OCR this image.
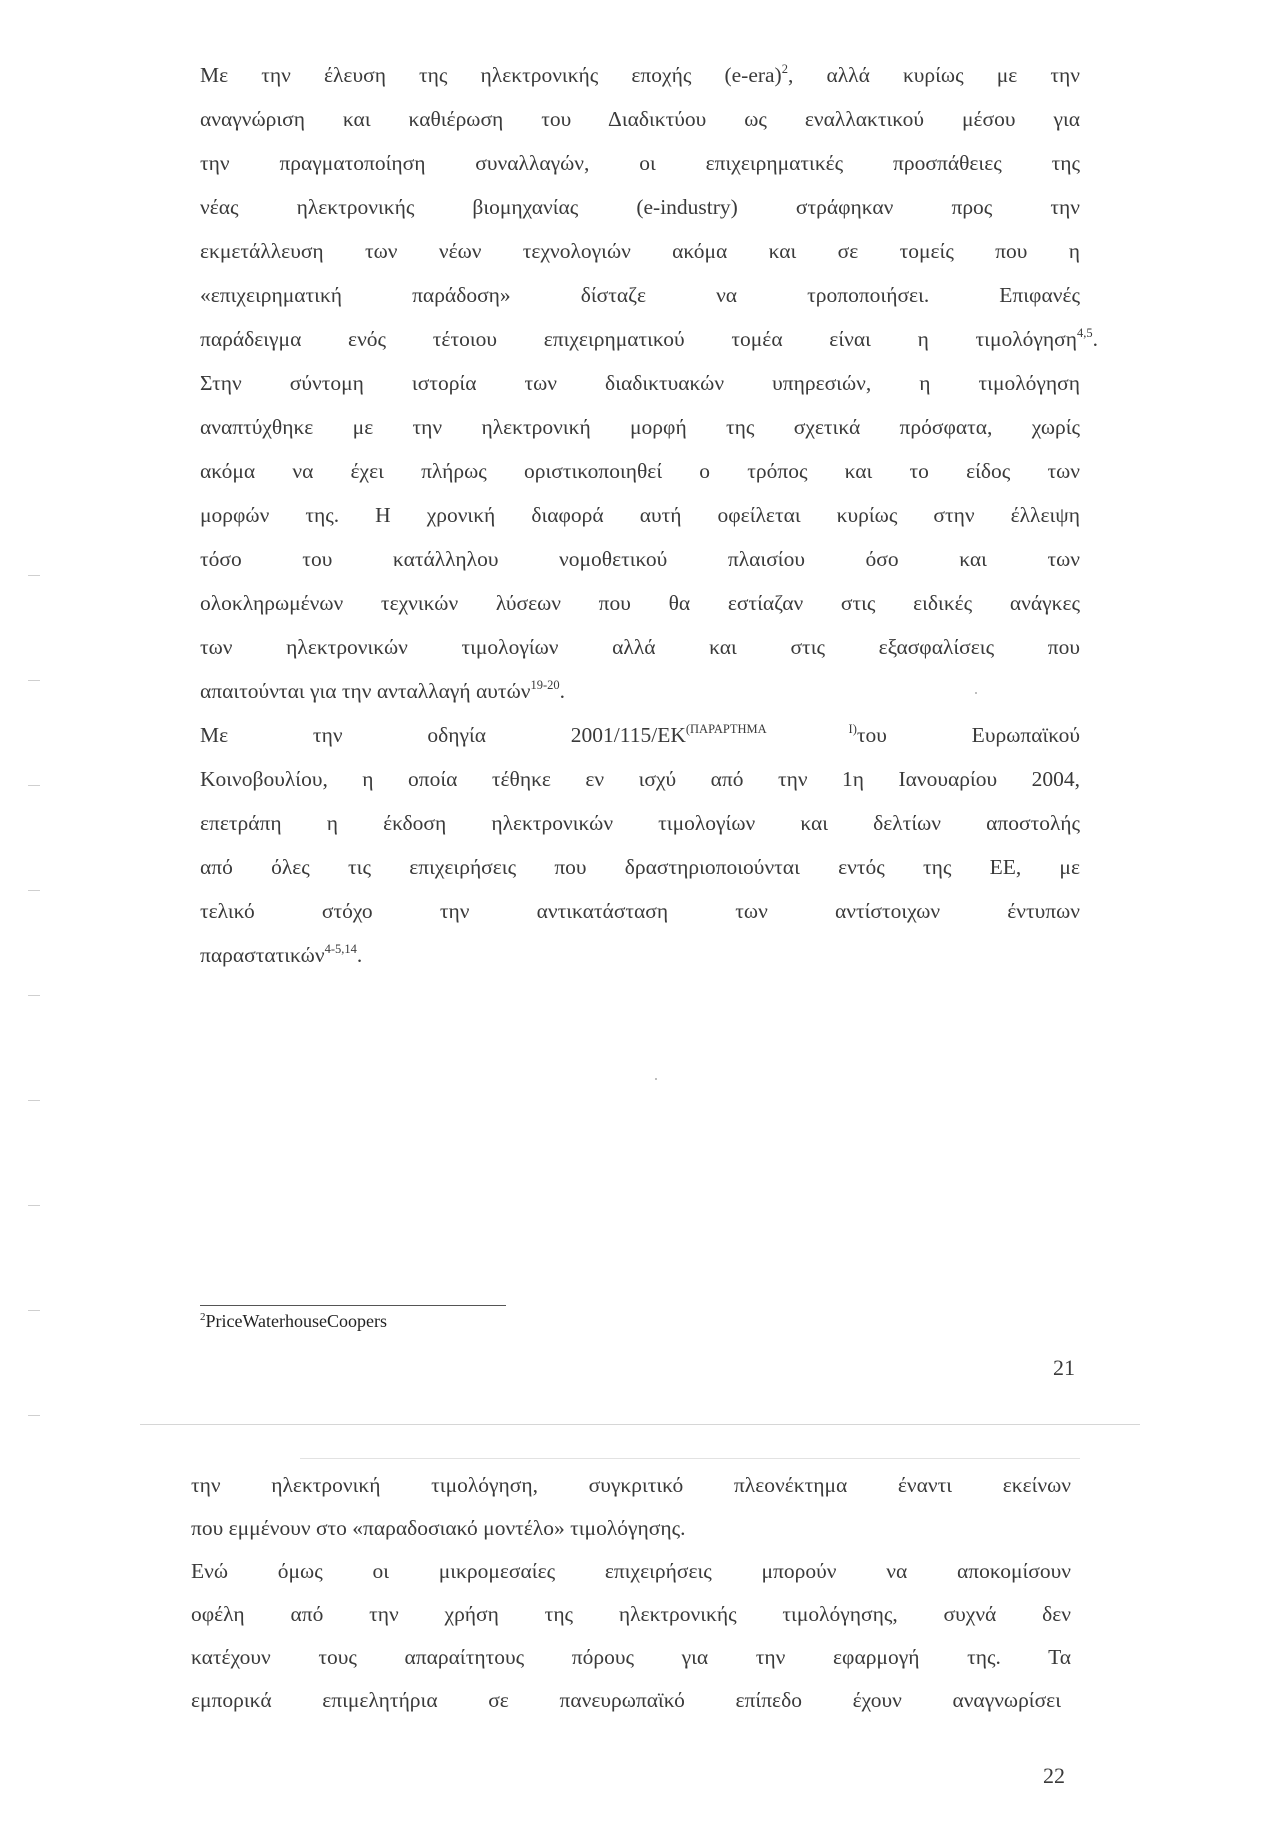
Με την έλευση της ηλεκτρονικής εποχής $(e-era)^2$, αλλά κυρίως με την
αναγνώριση και καθιέρωση του Διαδικτύου ως εναλλακτικού μέσου για
την πραγματοποίηση συναλλαγών, οι επιχειρηματικές προσπάθειες της
νέας ηλεκτρονικής βιομηχανίας (e-industry) στράφηκαν προς την
εκμετάλλευση των νέων τεχνολογιών ακόμα και σε τομείς που η
«επιχειρηματική παράδοση» δίσταζε να τροποποιήσει. Επιφανές
παράδειγμα ενός τέτοιου επιχειρηματικού τομέα είναι η τιμολόγηση$^{4,5}$.
Στην σύντομη ιστορία των διαδικτυακών υπηρεσιών, η τιμολόγηση
αναπτύχθηκε με την ηλεκτρονική μορφή της σχετικά πρόσφατα, χωρίς
ακόμα να έχει πλήρως οριστικοποιηθεί ο τρόπος και το είδος των
μορφών της. Η χρονική διαφορά αυτή οφείλεται κυρίως στην έλλειψη
τόσο του κατάλληλου νομοθετικού πλαισίου όσο και των
ολοκληρωμένων τεχνικών λύσεων που θα εστίαζαν στις ειδικές ανάγκες
των ηλεκτρονικών τιμολογίων αλλά και στις εξασφαλίσεις που
απαιτούνται για την ανταλλαγή αυτών$^{19-20}$.
Με την οδηγία $2001/115/EK^{(\Pi APAPTHMA I)}\tau o\upsilon$ Ευρωπαϊκού
Κοινοβουλίου, η οποία τέθηκε εν ισχύ από την 1η Ιανουαρίου 2004,
επετράπη η έκδοση ηλεκτρονικών τιμολογίων και δελτίων αποστολής
από όλες τις επιχειρήσεις που δραστηριοποιούνται εντός της ΕΕ, με
τελικό στόχο την αντικατάσταση των αντίστοιχων έντυπων
παραστατικών$^{4-5,14}$.
$^2$PriceWaterhouseCoopers
21
την ηλεκτρονική τιμολόγηση, συγκριτικό πλεονέκτημα έναντι εκείνων
που εμμένουν στο «παραδοσιακό μοντέλο» τιμολόγησης.
Ενώ όμως οι μικρομεσαίες επιχειρήσεις μπορούν να αποκομίσουν
οφέλη από την χρήση της ηλεκτρονικής τιμολόγησης, συχνά δεν
κατέχουν τους απαραίτητους πόρους για την εφαρμογή της. Τα
εμπορικά επιμελητήρια σε πανευρωπαϊκό επίπεδο έχουν αναγνωρίσει
22
